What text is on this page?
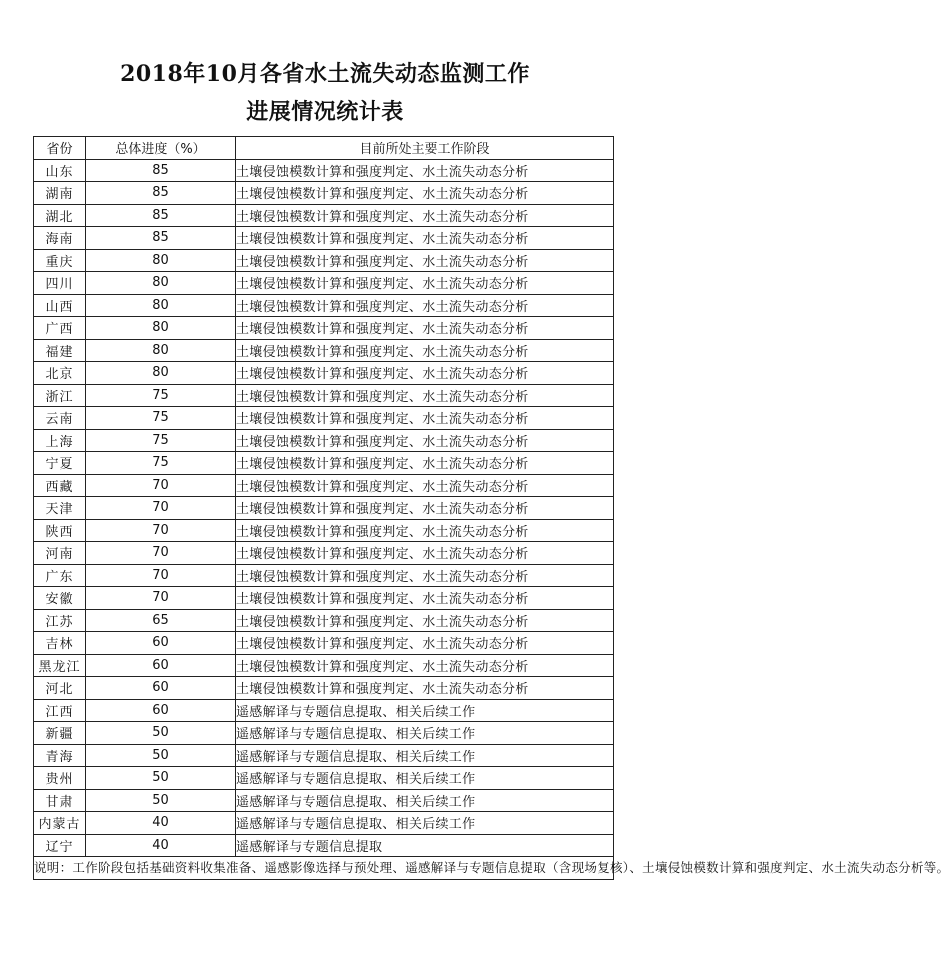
2018年10月各省水土流失动态监测工作
进展情况统计表
省份	总体进度（%）	目前所处主要工作阶段
山东	85	土壤侵蚀模数计算和强度判定、水土流失动态分析
湖南	85	土壤侵蚀模数计算和强度判定、水土流失动态分析
湖北	85	土壤侵蚀模数计算和强度判定、水土流失动态分析
海南	85	土壤侵蚀模数计算和强度判定、水土流失动态分析
重庆	80	土壤侵蚀模数计算和强度判定、水土流失动态分析
四川	80	土壤侵蚀模数计算和强度判定、水土流失动态分析
山西	80	土壤侵蚀模数计算和强度判定、水土流失动态分析
广西	80	土壤侵蚀模数计算和强度判定、水土流失动态分析
福建	80	土壤侵蚀模数计算和强度判定、水土流失动态分析
北京	80	土壤侵蚀模数计算和强度判定、水土流失动态分析
浙江	75	土壤侵蚀模数计算和强度判定、水土流失动态分析
云南	75	土壤侵蚀模数计算和强度判定、水土流失动态分析
上海	75	土壤侵蚀模数计算和强度判定、水土流失动态分析
宁夏	75	土壤侵蚀模数计算和强度判定、水土流失动态分析
西藏	70	土壤侵蚀模数计算和强度判定、水土流失动态分析
天津	70	土壤侵蚀模数计算和强度判定、水土流失动态分析
陕西	70	土壤侵蚀模数计算和强度判定、水土流失动态分析
河南	70	土壤侵蚀模数计算和强度判定、水土流失动态分析
广东	70	土壤侵蚀模数计算和强度判定、水土流失动态分析
安徽	70	土壤侵蚀模数计算和强度判定、水土流失动态分析
江苏	65	土壤侵蚀模数计算和强度判定、水土流失动态分析
吉林	60	土壤侵蚀模数计算和强度判定、水土流失动态分析
黑龙江	60	土壤侵蚀模数计算和强度判定、水土流失动态分析
河北	60	土壤侵蚀模数计算和强度判定、水土流失动态分析
江西	60	遥感解译与专题信息提取、相关后续工作
新疆	50	遥感解译与专题信息提取、相关后续工作
青海	50	遥感解译与专题信息提取、相关后续工作
贵州	50	遥感解译与专题信息提取、相关后续工作
甘肃	50	遥感解译与专题信息提取、相关后续工作
内蒙古	40	遥感解译与专题信息提取、相关后续工作
辽宁	40	遥感解译与专题信息提取
说明：工作阶段包括基础资料收集准备、遥感影像选择与预处理、遥感解译与专题信息提取（含现场复核）、土壤侵蚀模数计算和强度判定、水土流失动态分析等。		
